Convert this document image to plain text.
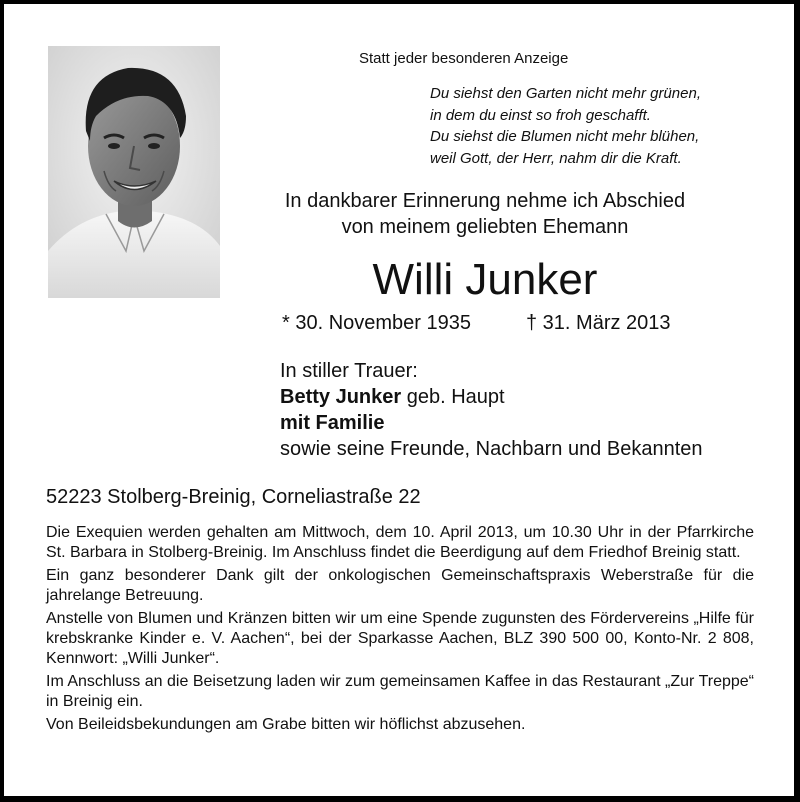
Statt jeder besonderen Anzeige
Du siehst den Garten nicht mehr grünen,
in dem du einst so froh geschafft.
Du siehst die Blumen nicht mehr blühen,
weil Gott, der Herr, nahm dir die Kraft.
In dankbarer Erinnerung nehme ich Abschied
von meinem geliebten Ehemann
Willi Junker
* 30. November 1935	† 31. März 2013
In stiller Trauer:
Betty Junker geb. Haupt
mit Familie
sowie seine Freunde, Nachbarn und Bekannten
52223 Stolberg-Breinig, Corneliastraße 22

Die Exequien werden gehalten am Mittwoch, dem 10. April 2013, um 10.30 Uhr in der Pfarrkirche St. Barbara in Stolberg-Breinig. Im Anschluss findet die Beerdigung auf dem Friedhof Breinig statt.

Ein ganz besonderer Dank gilt der onkologischen Gemeinschaftspraxis Weberstraße für die jahrelange Betreuung.

Anstelle von Blumen und Kränzen bitten wir um eine Spende zugunsten des Fördervereins „Hilfe für krebskranke Kinder e. V. Aachen“, bei der Sparkasse Aachen, BLZ 390 500 00, Konto-Nr. 2 808, Kennwort: „Willi Junker“.

Im Anschluss an die Beisetzung laden wir zum gemeinsamen Kaffee in das Restaurant „Zur Treppe“ in Breinig ein.

Von Beileidsbekundungen am Grabe bitten wir höflichst abzusehen.
